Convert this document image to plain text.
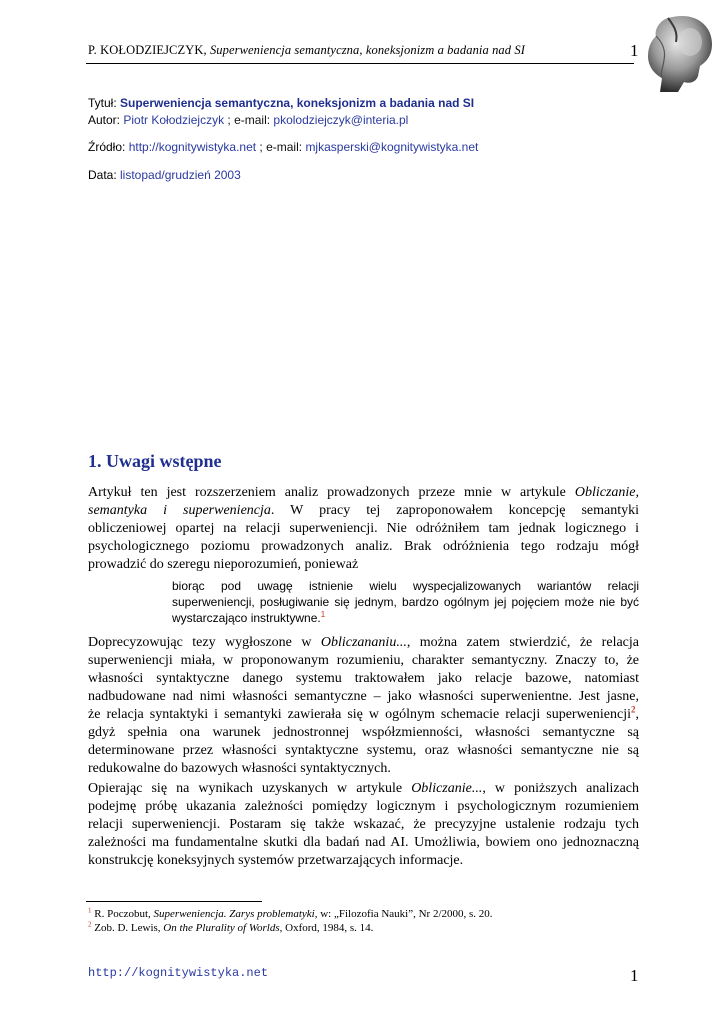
P. KOŁODZIEJCZYK, Superweniencja semantyczna, koneksjonizm a badania nad SI	1
Tytuł: Superweniencja semantyczna, koneksjonizm a badania nad SI
Autor: Piotr Kołodziejczyk ; e-mail: pkolodziejczyk@interia.pl
Źródło: http://kognitywistyka.net ; e-mail: mjkasperski@kognitywistyka.net
Data: listopad/grudzień 2003
1. Uwagi wstępne
Artykuł ten jest rozszerzeniem analiz prowadzonych przeze mnie w artykule Obliczanie,
semantyka i superweniencja. W pracy tej zaproponowałem koncepcję semantyki
obliczeniowej opartej na relacji superweniencji. Nie odróżniłem tam jednak logicznego i
psychologicznego poziomu prowadzonych analiz. Brak odróżnienia tego rodzaju mógł
prowadzić do szeregu nieporozumień, ponieważ
biorąc pod uwagę istnienie wielu wyspecjalizowanych wariantów relacji
superweniencji, posługiwanie się jednym, bardzo ogólnym jej pojęciem może nie być
wystarczająco instruktywne.$^1$
Doprecyzowując tezy wygłoszone w Obliczananiu..., można zatem stwierdzić, że relacja
superweniencji miała, w proponowanym rozumieniu, charakter semantyczny. Znaczy to, że
własności syntaktyczne danego systemu traktowałem jako relacje bazowe, natomiast
nadbudowane nad nimi własności semantyczne – jako własności superwenientne. Jest jasne,
że relacja syntaktyki i semantyki zawierała się w ogólnym schemacie relacji superweniencji$^2$,
gdyż spełnia ona warunek jednostronnej współzmienności, własności semantyczne są
determinowane przez własności syntaktyczne systemu, oraz własności semantyczne nie są
redukowalne do bazowych własności syntaktycznych.
Opierając się na wynikach uzyskanych w artykule Obliczanie..., w poniższych analizach
podejmę próbę ukazania zależności pomiędzy logicznym i psychologicznym rozumieniem
relacji superweniencji. Postaram się także wskazać, że precyzyjne ustalenie rodzaju tych
zależności ma fundamentalne skutki dla badań nad AI. Umożliwia, bowiem ono jednoznaczną
konstrukcję koneksyjnych systemów przetwarzających informacje.
$^1$ R. Poczobut, Superweniencja. Zarys problematyki, w: „Filozofia Nauki”, Nr 2/2000, s. 20.
$^2$ Zob. D. Lewis, On the Plurality of Worlds, Oxford, 1984, s. 14.
http://kognitywistyka.net	1
